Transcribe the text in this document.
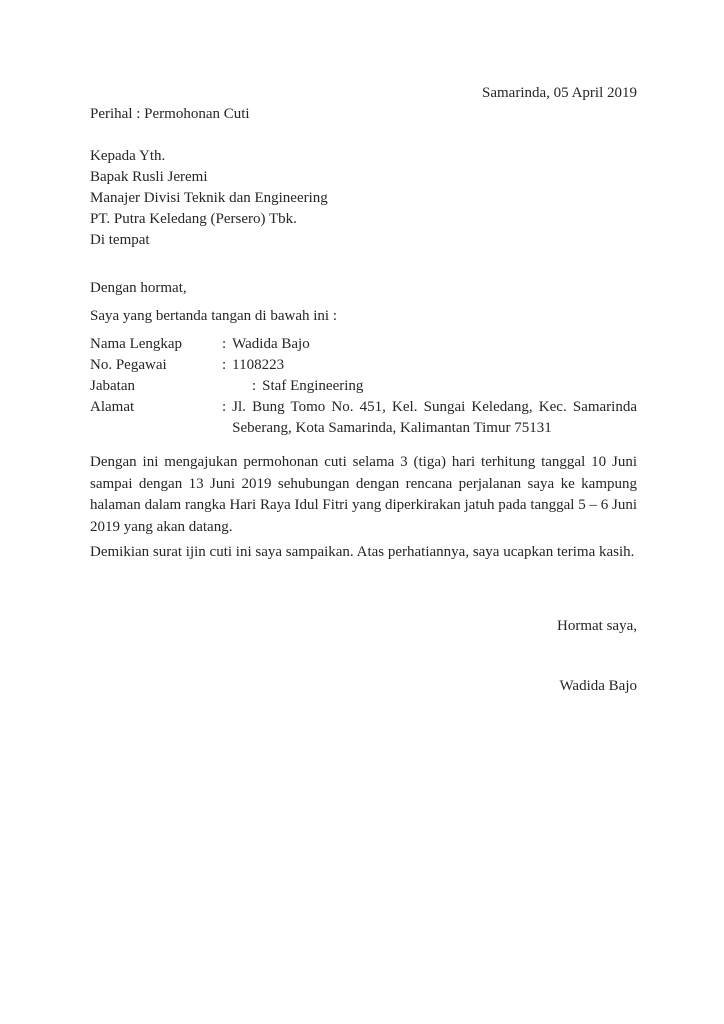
Samarinda, 05 April 2019
Perihal : Permohonan Cuti
Kepada Yth.
Bapak Rusli Jeremi
Manajer Divisi Teknik dan Engineering
PT. Putra Keledang (Persero) Tbk.
Di tempat
Dengan hormat,
Saya yang bertanda tangan di bawah ini :
Nama Lengkap	: Wadida Bajo
No. Pegawai	: 1108223
Jabatan	: Staf Engineering
Alamat	: Jl. Bung Tomo No. 451, Kel. Sungai Keledang, Kec. Samarinda Seberang, Kota Samarinda, Kalimantan Timur 75131

Dengan ini mengajukan permohonan cuti selama 3 (tiga) hari terhitung tanggal 10 Juni sampai dengan 13 Juni 2019 sehubungan dengan rencana perjalanan saya ke kampung halaman dalam rangka Hari Raya Idul Fitri yang diperkirakan jatuh pada tanggal 5 – 6 Juni 2019 yang akan datang.

Demikian surat ijin cuti ini saya sampaikan. Atas perhatiannya, saya ucapkan terima kasih.

Hormat saya,
Wadida Bajo
